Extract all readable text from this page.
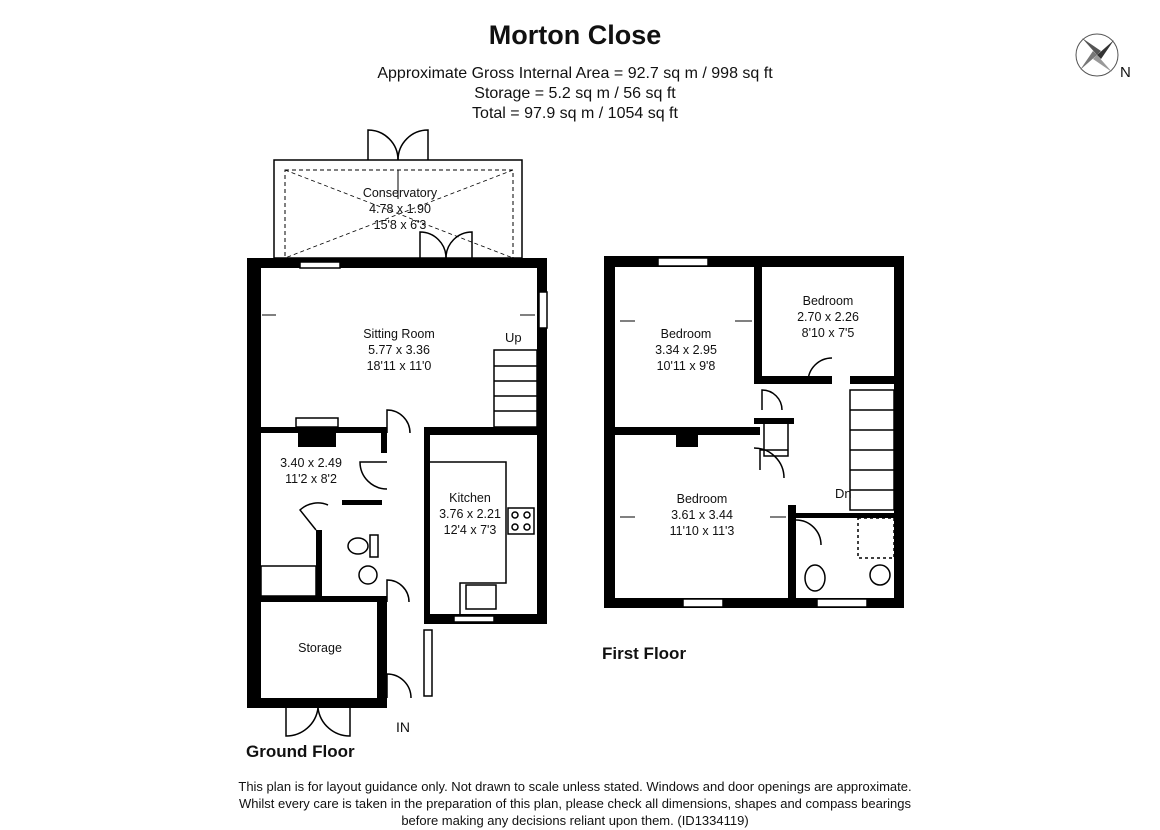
Morton Close
Approximate Gross Internal Area = 92.7 sq m / 998 sq ft
Storage = 5.2 sq m / 56 sq ft
Total = 97.9 sq m / 1054 sq ft
N
Conservatory
4.78 x 1.90
15'8 x 6'3
Sitting Room
5.77 x 3.36
18'11 x 11'0
3.40 x 2.49
11'2 x 8'2
Kitchen
3.76 x 2.21
12'4 x 7'3
Storage
Up
IN
Ground Floor
Bedroom
3.34 x 2.95
10'11 x 9'8
Bedroom
2.70 x 2.26
8'10 x 7'5
Bedroom
3.61 x 3.44
11'10 x 11'3
Dn
First Floor
This plan is for layout guidance only. Not drawn to scale unless stated. Windows and door openings are approximate. Whilst every care is taken in the preparation of this plan, please check all dimensions, shapes and compass bearings before making any decisions reliant upon them. (ID1334119)
